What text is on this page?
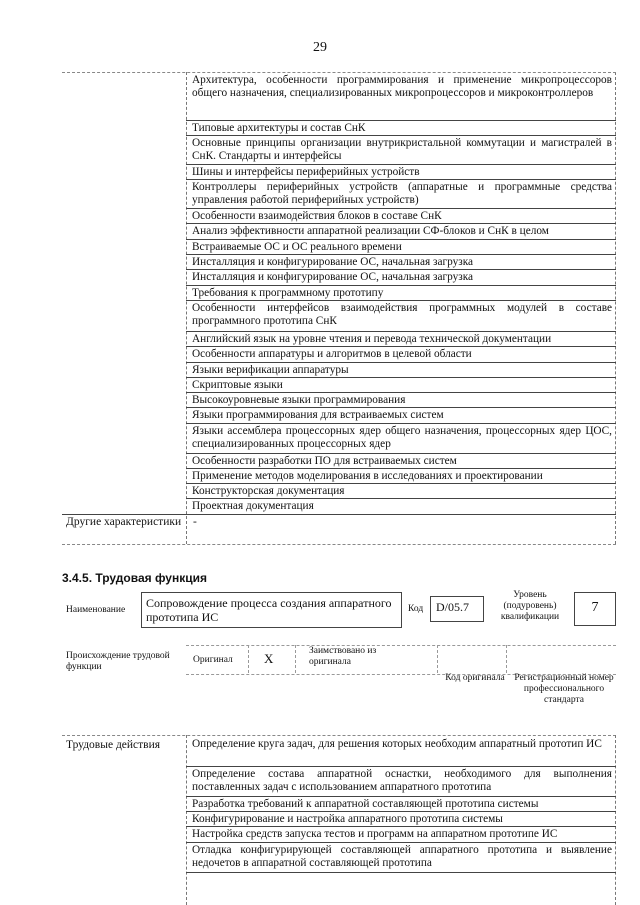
29
Архитектура, особенности программирования и применение микропроцессоров общего назначения, специализированных микропроцессоров и микроконтроллеров
Типовые архитектуры и состав СнК
Основные принципы организации внутрикристальной коммутации и магистралей в СнК. Стандарты и интерфейсы
Шины и интерфейсы периферийных устройств
Контроллеры периферийных устройств (аппаратные и программные средства управления работой периферийных устройств)
Особенности взаимодействия блоков в составе СнК
Анализ эффективности аппаратной реализации СФ-блоков и СнК в целом
Встраиваемые ОС и ОС реального времени
Инсталляция и конфигурирование ОС, начальная загрузка
Инсталляция и конфигурирование ОС, начальная загрузка
Требования к программному прототипу
Особенности интерфейсов взаимодействия программных модулей в составе программного прототипа СнК
Английский язык на уровне чтения и перевода технической документации
Особенности аппаратуры и алгоритмов в целевой области
Языки верификации аппаратуры
Скриптовые языки
Высокоуровневые языки программирования
Языки программирования для встраиваемых систем
Языки ассемблера процессорных ядер общего назначения, процессорных ядер ЦОС, специализированных процессорных ядер
Особенности разработки ПО для встраиваемых систем
Применение методов моделирования в исследованиях и проектировании
Конструкторская документация
Проектная документация
Другие характеристики -
3.4.5. Трудовая функция
Наименование Сопровождение процесса создания аппаратного прототипа ИС
Код D/05.7
Уровень (подуровень) квалификации
7
Происхождение трудовой функции
Оригинал X	Заимствовано из оригинала
Код оригинала Регистрационный номер профессионального стандарта
Трудовые действия	Определение круга задач, для решения которых необходим аппаратный прототип ИС
Определение состава аппаратной оснастки, необходимого для выполнения поставленных задач с использованием аппаратного прототипа
Разработка требований к аппаратной составляющей прототипа системы
Конфигурирование и настройка аппаратного прототипа системы
Настройка средств запуска тестов и программ на аппаратном прототипе ИС
Отладка конфигурирующей составляющей аппаратного прототипа и выявление недочетов в аппаратной составляющей прототипа
